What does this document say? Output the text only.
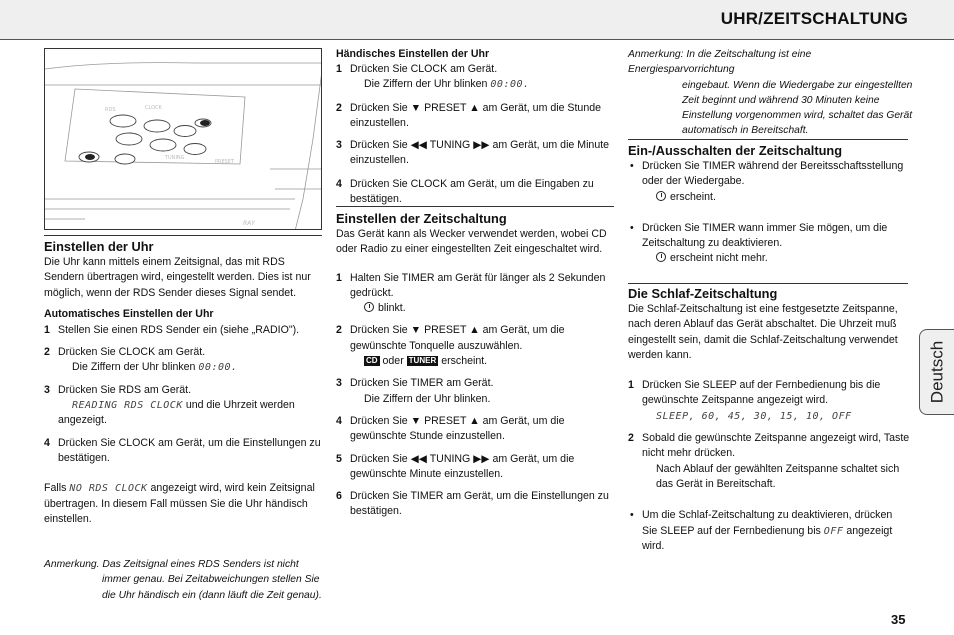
UHR/ZEITSCHALTUNG
RDS	CLOCK
TUNING
PRESET
RAY
Einstellen der Uhr

Die Uhr kann mittels einem Zeitsignal, das mit RDS Sendern übertragen wird, eingestellt werden. Dies ist nur möglich, wenn der RDS Sender dieses Signal sendet.

Automatisches Einstellen der Uhr
1 Stellen Sie einen RDS Sender ein (siehe „RADIO").
2 Drücken Sie CLOCK am Gerät.
Die Ziffern der Uhr blinken 00:00.
3 Drücken Sie RDS am Gerät.
READING RDS CLOCK und die Uhrzeit werden angezeigt.
4 Drücken Sie CLOCK am Gerät, um die Einstellungen zu bestätigen.

Falls NO RDS CLOCK angezeigt wird, wird kein Zeitsignal übertragen. In diesem Fall müssen Sie die Uhr händisch einstellen.

Anmerkung. Das Zeitsignal eines RDS Senders ist nicht
immer genau. Bei Zeitabweichungen stellen Sie
die Uhr händisch ein (dann läuft die Zeit genau).
Händisches Einstellen der Uhr
1 Drücken Sie CLOCK am Gerät.
Die Ziffern der Uhr blinken 00:00.
2 Drücken Sie ▼ PRESET ▲ am Gerät, um die Stunde einzustellen.
3 Drücken Sie ◀◀ TUNING ▶▶ am Gerät, um die Minute einzustellen.
4 Drücken Sie CLOCK am Gerät, um die Eingaben zu bestätigen.
Einstellen der Zeitschaltung

Das Gerät kann als Wecker verwendet werden, wobei CD oder Radio zu einer eingestellten Zeit eingeschaltet wird.

1 Halten Sie TIMER am Gerät für länger als 2 Sekunden gedrückt.
blinkt.
2 Drücken Sie ▼ PRESET ▲ am Gerät, um die gewünschte Tonquelle auszuwählen.
CD oder TUNER erscheint.
3 Drücken Sie TIMER am Gerät.
Die Ziffern der Uhr blinken.
4 Drücken Sie ▼ PRESET ▲ am Gerät, um die gewünschte Stunde einzustellen.
5 Drücken Sie ◀◀ TUNING ▶▶ am Gerät, um die gewünschte Minute einzustellen.
6 Drücken Sie TIMER am Gerät, um die Einstellungen zu bestätigen.
Anmerkung: In die Zeitschaltung ist eine Energiesparvorrichtung
eingebaut. Wenn die Wiedergabe zur eingestellten
Zeit beginnt und während 30 Minuten keine
Einstellung vorgenommen wird, schaltet das Gerät
automatisch in Bereitschaft.
Ein-/Ausschalten der Zeitschaltung
• Drücken Sie TIMER während der Bereitsschaftsstellung oder der Wiedergabe.
erscheint.
• Drücken Sie TIMER wann immer Sie mögen, um die Zeitschaltung zu deaktivieren.
erscheint nicht mehr.
Die Schlaf-Zeitschaltung

Die Schlaf-Zeitschaltung ist eine festgesetzte Zeitspanne, nach deren Ablauf das Gerät abschaltet. Die Uhrzeit muß eingestellt sein, damit die Schlaf-Zeitschaltung verwendet werden kann.

1 Drücken Sie SLEEP auf der Fernbedienung bis die gewünschte Zeitspanne angezeigt wird.
SLEEP, 60, 45, 30, 15, 10, OFF
2 Sobald die gewünschte Zeitspanne angezeigt wird, Taste nicht mehr drücken.
Nach Ablauf der gewählten Zeitspanne schaltet sich das Gerät in Bereitschaft.
• Um die Schlaf-Zeitschaltung zu deaktivieren, drücken Sie SLEEP auf der Fernbedienung bis OFF angezeigt wird.
Deutsch
35
